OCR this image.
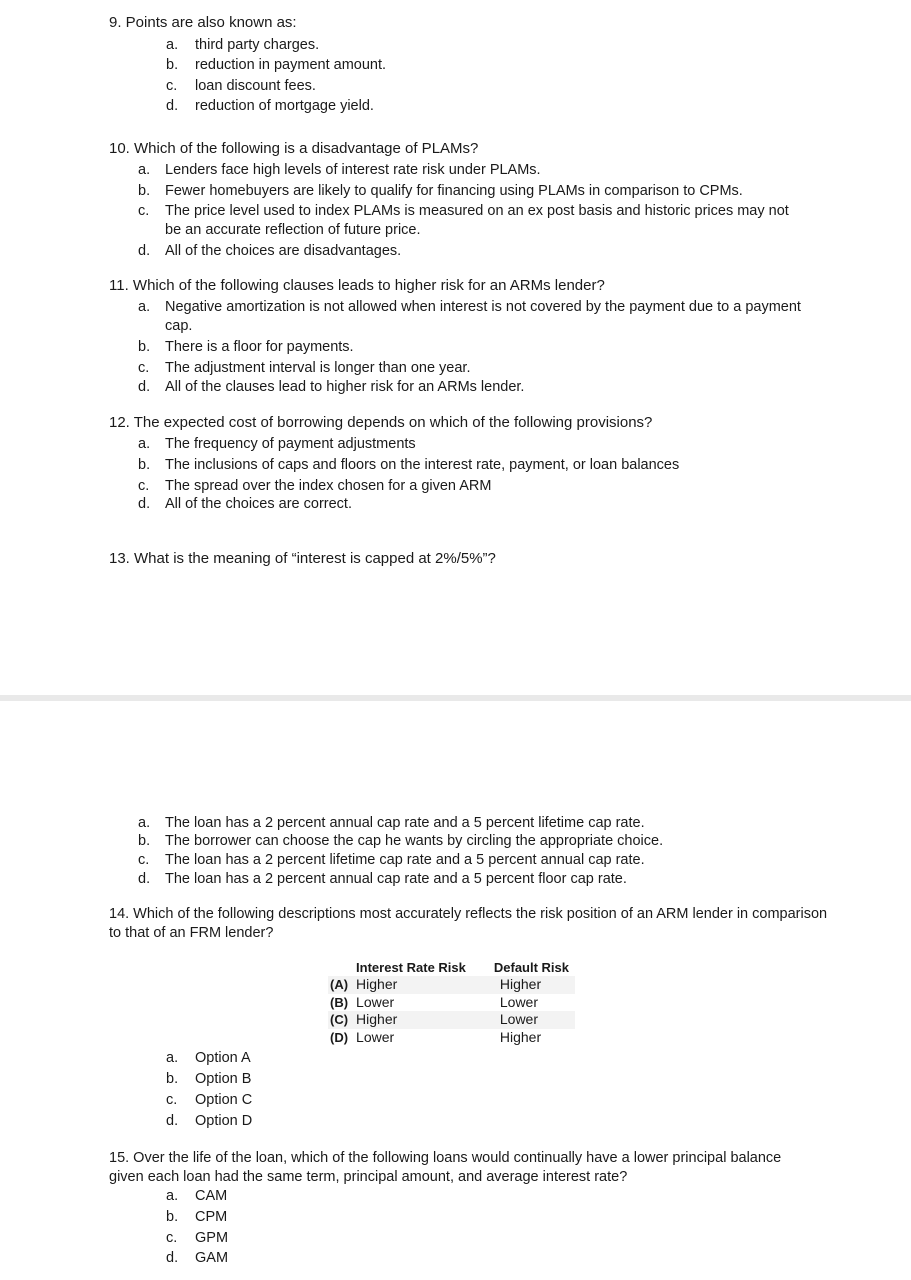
9. Points are also known as:
a. third party charges.
b. reduction in payment amount.
c. loan discount fees.
d. reduction of mortgage yield.
10. Which of the following is a disadvantage of PLAMs?
a. Lenders face high levels of interest rate risk under PLAMs.
b. Fewer homebuyers are likely to qualify for financing using PLAMs in comparison to CPMs.
c. The price level used to index PLAMs is measured on an ex post basis and historic prices may not be an accurate reflection of future price.
d. All of the choices are disadvantages.
11. Which of the following clauses leads to higher risk for an ARMs lender?
a. Negative amortization is not allowed when interest is not covered by the payment due to a payment cap.
b. There is a floor for payments.
c. The adjustment interval is longer than one year.
d. All of the clauses lead to higher risk for an ARMs lender.
12. The expected cost of borrowing depends on which of the following provisions?
a. The frequency of payment adjustments
b. The inclusions of caps and floors on the interest rate, payment, or loan balances
c. The spread over the index chosen for a given ARM
d. All of the choices are correct.
13. What is the meaning of “interest is capped at 2%/5%”?
a. The loan has a 2 percent annual cap rate and a 5 percent lifetime cap rate.
b. The borrower can choose the cap he wants by circling the appropriate choice.
c. The loan has a 2 percent lifetime cap rate and a 5 percent annual cap rate.
d. The loan has a 2 percent annual cap rate and a 5 percent floor cap rate.
14. Which of the following descriptions most accurately reflects the risk position of an ARM lender in comparison to that of an FRM lender?
	Interest Rate Risk	Default Risk
(A)	Higher	Higher
(B)	Lower	Lower
(C)	Higher	Lower
(D)	Lower	Higher
a. Option A
b. Option B
c. Option C
d. Option D
15. Over the life of the loan, which of the following loans would continually have a lower principal balance given each loan had the same term, principal amount, and average interest rate?
a. CAM
b. CPM
c. GPM
d. GAM
